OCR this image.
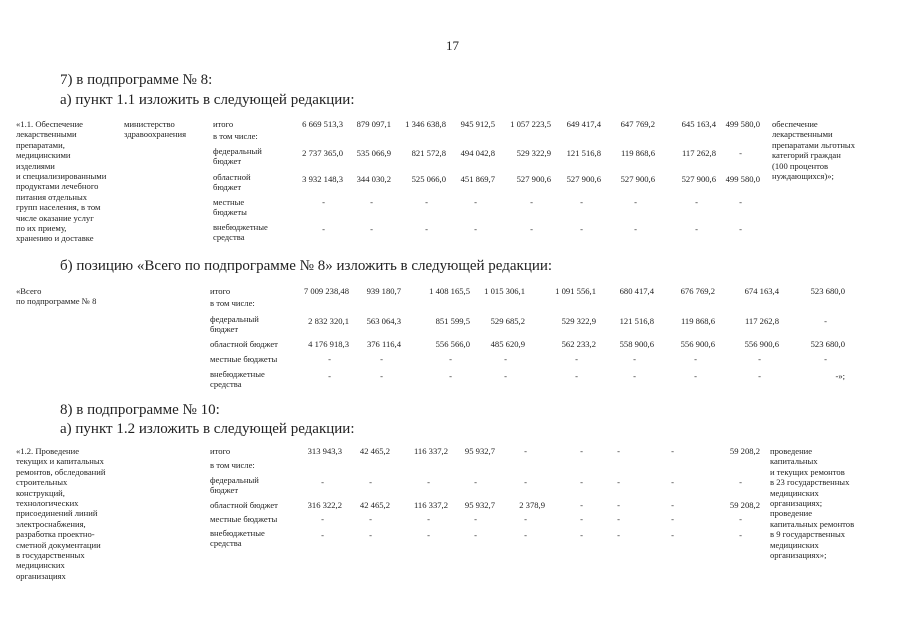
17
7) в подпрограмме № 8:
а) пункт 1.1 изложить в следующей редакции:
б) позицию «Всего по подпрограмме № 8» изложить в следующей редакции:
8) в подпрограмме № 10:
а) пункт 1.2 изложить в следующей редакции:
«1.1. Обеспечение
лекарственными
препаратами,
медицинскими
изделиями
и специализированными
продуктами лечебного
питания отдельных
групп населения, в том
числе оказание услуг
по их приему,
хранению и доставке
министерство
здравоохранения
обеспечение
лекарственными
препаратами льготных
категорий граждан
(100 процентов
нуждающихся)»;
итого	6 669 513,3	879 097,1	1 346 638,8	945 912,5	1 057 223,5	649 417,4	647 769,2	645 163,4	499 580,0
в том числе:
федеральный
бюджет
2 737 365,0	535 066,9	821 572,8	494 042,8	529 322,9	121 516,8	119 868,6	117 262,8	-
областной
бюджет
3 932 148,3	344 030,2	525 066,0	451 869,7	527 900,6	527 900,6	527 900,6	527 900,6	499 580,0
местные
бюджеты
-	-	-	-	-	-	-	-	-
внебюджетные
средства
-	-	-	-	-	-	-	-	-
«Всего
по подпрограмме № 8
итого	7 009 238,48	939 180,7	1 408 165,5	1 015 306,1	1 091 556,1	680 417,4	676 769,2	674 163,4	523 680,0
в том числе:
федеральный
бюджет
2 832 320,1	563 064,3	851 599,5	529 685,2	529 322,9	121 516,8	119 868,6	117 262,8	-
областной бюджет	4 176 918,3	376 116,4	556 566,0	485 620,9	562 233,2	558 900,6	556 900,6	556 900,6	523 680,0
местные бюджеты	-	-	-	-	-	-	-	-	-
внебюджетные
средства
-	-	-	-	-	-	-	-	-»;
«1.2. Проведение
текущих и капитальных
ремонтов, обследований
строительных
конструкций,
технологических
присоединений линий
электроснабжения,
разработка проектно-
сметной документации
в государственных
медицинских
организациях
проведение
капитальных
и текущих ремонтов
в 23 государственных
медицинских
организациях;
проведение
капитальных ремонтов
в 9 государственных
медицинских
организациях»;
итого	313 943,3	42 465,2	116 337,2	95 932,7	-	-	-	-	59 208,2
в том числе:
федеральный
бюджет
-	-	-	-	-	-	-	-	-
областной бюджет	316 322,2	42 465,2	116 337,2	95 932,7	2 378,9	-	-	-	59 208,2
местные бюджеты	-	-	-	-	-	-	-	-	-
внебюджетные
средства
-	-	-	-	-	-	-	-	-
